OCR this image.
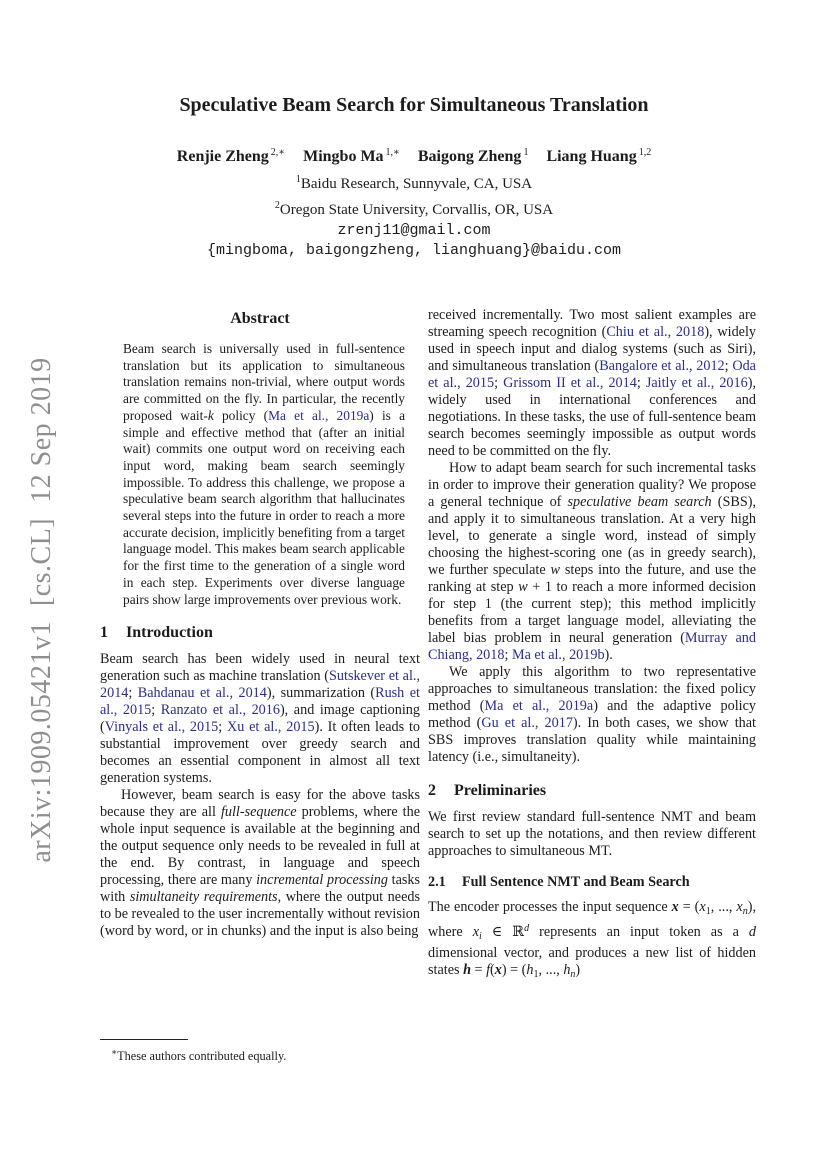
arXiv:1909.05421v1  [cs.CL]  12 Sep 2019
Speculative Beam Search for Simultaneous Translation
Renjie Zheng $^{2,∗}$ Mingbo Ma $^{1,∗}$ Baigong Zheng $^1$ Liang Huang $^{1,2}$
$^1$Baidu Research, Sunnyvale, CA, USA
$^2$Oregon State University, Corvallis, OR, USA
zrenj11@gmail.com
{mingboma, baigongzheng, lianghuang}@baidu.com
Abstract

Beam search is universally used in full-sentence translation but its application to simultaneous translation remains non-trivial, where output words are committed on the fly. In particular, the recently proposed wait-k policy (Ma et al., 2019a) is a simple and effective method that (after an initial wait) commits one output word on receiving each input word, making beam search seemingly impossible. To address this challenge, we propose a speculative beam search algorithm that hallucinates several steps into the future in order to reach a more accurate decision, implicitly benefiting from a target language model. This makes beam search applicable for the first time to the generation of a single word in each step. Experiments over diverse language pairs show large improvements over previous work.

1 Introduction

Beam search has been widely used in neural text generation such as machine translation (Sutskever et al., 2014; Bahdanau et al., 2014), summarization (Rush et al., 2015; Ranzato et al., 2016), and image captioning (Vinyals et al., 2015; Xu et al., 2015). It often leads to substantial improvement over greedy search and becomes an essential component in almost all text generation systems.

However, beam search is easy for the above tasks because they are all full-sequence problems, where the whole input sequence is available at the beginning and the output sequence only needs to be revealed in full at the end. By contrast, in language and speech processing, there are many incremental processing tasks with simultaneity requirements, where the output needs to be revealed to the user incrementally without revision (word by word, or in chunks) and the input is also being

∗These authors contributed equally.

received incrementally. Two most salient examples are streaming speech recognition (Chiu et al., 2018), widely used in speech input and dialog systems (such as Siri), and simultaneous translation (Bangalore et al., 2012; Oda et al., 2015; Grissom II et al., 2014; Jaitly et al., 2016), widely used in international conferences and negotiations. In these tasks, the use of full-sentence beam search becomes seemingly impossible as output words need to be committed on the fly.

How to adapt beam search for such incremental tasks in order to improve their generation quality? We propose a general technique of speculative beam search (SBS), and apply it to simultaneous translation. At a very high level, to generate a single word, instead of simply choosing the highest-scoring one (as in greedy search), we further speculate w steps into the future, and use the ranking at step w + 1 to reach a more informed decision for step 1 (the current step); this method implicitly benefits from a target language model, alleviating the label bias problem in neural generation (Murray and Chiang, 2018; Ma et al., 2019b).

We apply this algorithm to two representative approaches to simultaneous translation: the fixed policy method (Ma et al., 2019a) and the adaptive policy method (Gu et al., 2017). In both cases, we show that SBS improves translation quality while maintaining latency (i.e., simultaneity).

2 Preliminaries

We first review standard full-sentence NMT and beam search to set up the notations, and then review different approaches to simultaneous MT.

2.1 Full Sentence NMT and Beam Search

The encoder processes the input sequence $x = (x_1$, ..., $x_n$), where $x_i$ ∈ ℝ$^d$ represents an input token as a d dimensional vector, and produces a new list of hidden states $h = f(x) = (h_1$, ..., $h_n$)
